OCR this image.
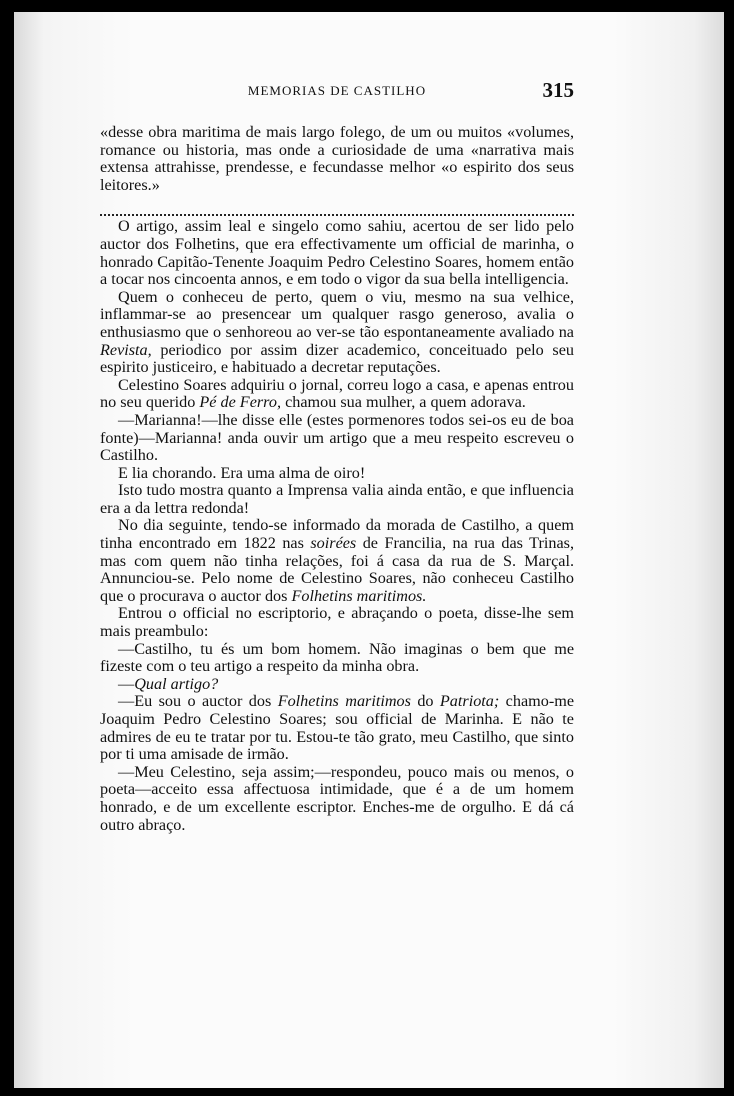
MEMORIAS DE CASTILHO	315

«desse obra maritima de mais largo folego, de um ou muitos «volumes, romance ou historia, mas onde a curiosidade de uma «narrativa mais extensa attrahisse, prendesse, e fecundasse melhor «o espirito dos seus leitores.»

O artigo, assim leal e singelo como sahiu, acertou de ser lido pelo auctor dos Folhetins, que era effectivamente um official de marinha, o honrado Capitão-Tenente Joaquim Pedro Celestino Soares, homem então a tocar nos cincoenta annos, e em todo o vigor da sua bella intelligencia.

Quem o conheceu de perto, quem o viu, mesmo na sua velhice, inflammar-se ao presencear um qualquer rasgo generoso, avalia o enthusiasmo que o senhoreou ao ver-se tão espontaneamente avaliado na Revista, periodico por assim dizer academico, conceituado pelo seu espirito justiceiro, e habituado a decretar reputações.

Celestino Soares adquiriu o jornal, correu logo a casa, e apenas entrou no seu querido Pé de Ferro, chamou sua mulher, a quem adorava.

—Marianna!—lhe disse elle (estes pormenores todos sei-os eu de boa fonte)—Marianna! anda ouvir um artigo que a meu respeito escreveu o Castilho.

E lia chorando. Era uma alma de oiro!

Isto tudo mostra quanto a Imprensa valia ainda então, e que influencia era a da lettra redonda!

No dia seguinte, tendo-se informado da morada de Castilho, a quem tinha encontrado em 1822 nas soirées de Francilia, na rua das Trinas, mas com quem não tinha relações, foi á casa da rua de S. Marçal. Annunciou-se. Pelo nome de Celestino Soares, não conheceu Castilho que o procurava o auctor dos Folhetins maritimos.

Entrou o official no escriptorio, e abraçando o poeta, disse-lhe sem mais preambulo:

—Castilho, tu és um bom homem. Não imaginas o bem que me fizeste com o teu artigo a respeito da minha obra.

—Qual artigo?

—Eu sou o auctor dos Folhetins maritimos do Patriota; chamo-me Joaquim Pedro Celestino Soares; sou official de Marinha. E não te admires de eu te tratar por tu. Estou-te tão grato, meu Castilho, que sinto por ti uma amisade de irmão.

—Meu Celestino, seja assim;—respondeu, pouco mais ou menos, o poeta—acceito essa affectuosa intimidade, que é a de um homem honrado, e de um excellente escriptor. Enches-me de orgulho. E dá cá outro abraço.
